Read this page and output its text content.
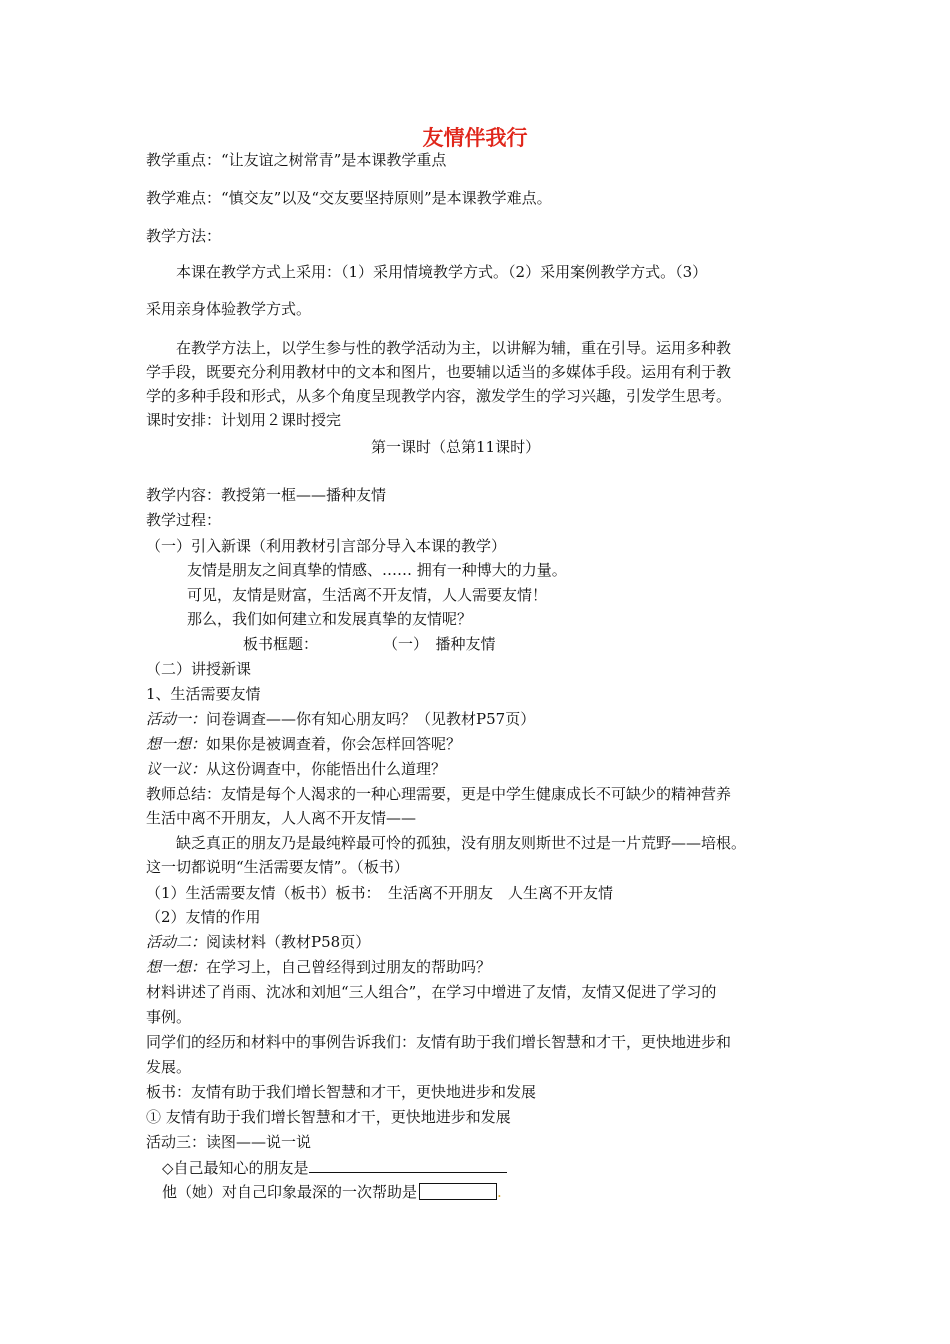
友情伴我行
教学重点：“让友谊之树常青”是本课教学重点
教学难点：“慎交友”以及“交友要坚持原则”是本课教学难点。
教学方法：
本课在教学方式上采用：（1）采用情境教学方式。（2）采用案例教学方式。（3）
采用亲身体验教学方式。
在教学方法上，以学生参与性的教学活动为主，以讲解为辅，重在引导。运用多种教
学手段，既要充分利用教材中的文本和图片，也要辅以适当的多媒体手段。运用有利于教
学的多种手段和形式，从多个角度呈现教学内容，激发学生的学习兴趣，引发学生思考。
课时安排：计划用２课时授完
第一课时（总第11课时）
教学内容：教授第一框——播种友情
教学过程：
（一）引入新课（利用教材引言部分导入本课的教学）
友情是朋友之间真挚的情感、…… 拥有一种博大的力量。
可见，友情是财富，生活离不开友情，人人需要友情！
那么，我们如何建立和发展真挚的友情呢？
板书框题：	（一）　播种友情
（二）讲授新课
1、生活需要友情
活动一：问卷调查——你有知心朋友吗？（见教材P57页）
想一想：如果你是被调查着，你会怎样回答呢？
议一议：从这份调查中，你能悟出什么道理？
教师总结：友情是每个人渴求的一种心理需要，更是中学生健康成长不可缺少的精神营养
生活中离不开朋友，人人离不开友情——
缺乏真正的朋友乃是最纯粹最可怜的孤独，没有朋友则斯世不过是一片荒野——培根。
这一切都说明“生活需要友情”。（板书）
（1）生活需要友情（板书）板书：　生活离不开朋友　人生离不开友情
（2）友情的作用
活动二：阅读材料（教材P58页）
想一想：在学习上，自己曾经得到过朋友的帮助吗？
材料讲述了肖雨、沈冰和刘旭“三人组合”，在学习中增进了友情，友情又促进了学习的
事例。
同学们的经历和材料中的事例告诉我们：友情有助于我们增长智慧和才干，更快地进步和
发展。
板书：友情有助于我们增长智慧和才干，更快地进步和发展
① 友情有助于我们增长智慧和才干，更快地进步和发展
活动三：读图——说一说
◇自己最知心的朋友是
他（她）对自己印象最深的一次帮助是	.
